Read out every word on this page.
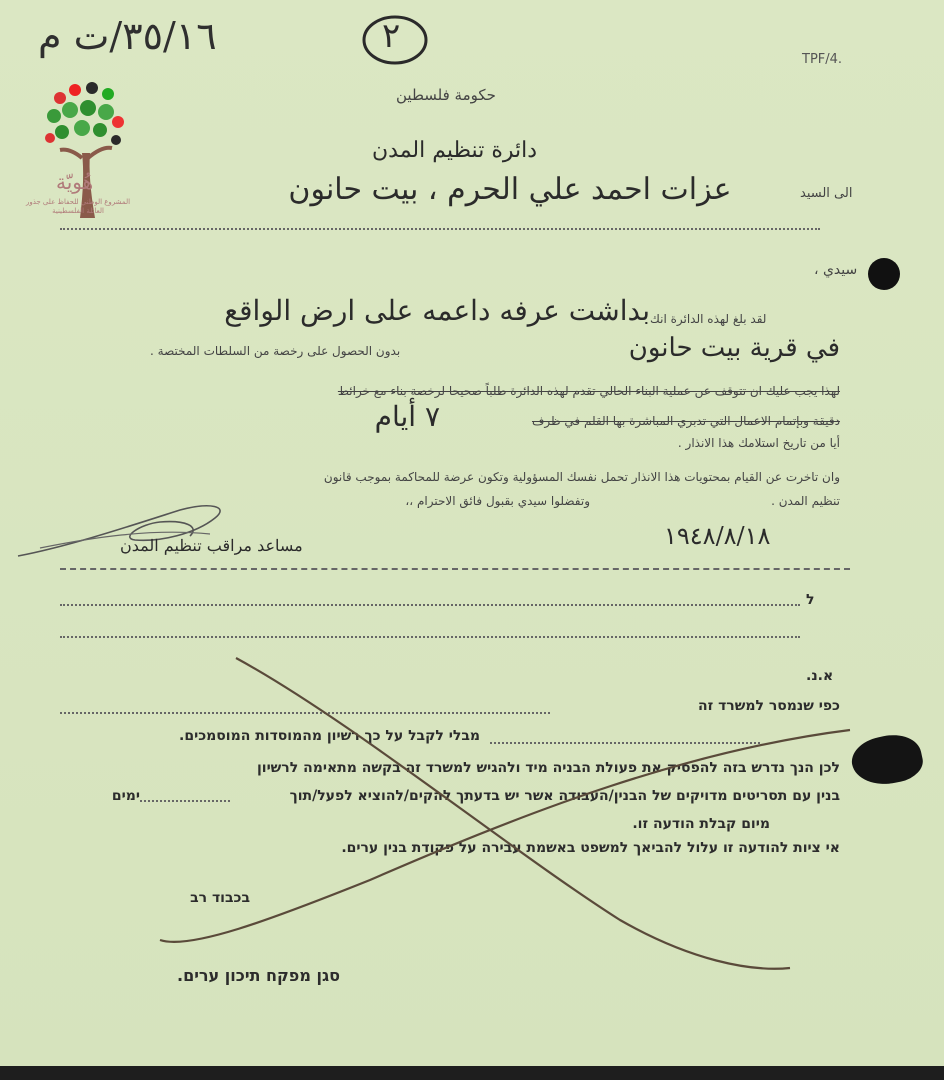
٣٥/١٦/ت م	٢
TPF/4.
هُويّة
المشروع الوطني للحفاظ على جذور العائلة الفلسطينية
حكومة فلسطين
دائرة تنظيم المدن
الى السيد
عزات احمد علي الحرم ، بيت حانون
سيدي ،
لقد بلغ لهذه الدائرة انك
بداشت عرفه داعمه على ارض الواقع
في قرية بيت حانون
بدون الحصول على رخصة من السلطات المختصة .
لهذا يجب عليك ان تتوقف عن عملية البناء الحالي تقدم لهذه الدائرة طلباً صحيحا لرخصة بناء مع خرائط
دقيقة وبإتمام الاعمال التي تدبري المباشرة بها القلم في ظرف
٧ أيام
أيا من تاريخ استلامك هذا الانذار .
وان تاخرت عن القيام بمحتويات هذا الانذار تحمل نفسك المسؤولية وتكون عرضة للمحاكمة بموجب قانون
تنظيم المدن .
وتفضلوا سيدي بقبول فائق الاحترام ،،
١٩٤٨/٨/١٨
مساعد مراقب تنظيم المدن
ל
א.נ.
כפי שנמסר למשרד זה
מבלי לקבל על כך רשיון מהמוסדות המוסמכים.
לכן הנך נדרש בזה להפסיק את פעולת הבניה מיד ולהגיש למשרד זה בקשה מתאימה לרשיון
בנין עם תסריטים מדויקים של הבנין/העבודה אשר יש בדעתך להקים/להוציא לפעל/תוך
ימים
מיום קבלת הודעה זו.
אי ציות להודעה זו עלול להביאך למשפט באשמת עבירה על פקודת בנין ערים.
בכבוד רב
סגן מפקח תיכון ערים.
